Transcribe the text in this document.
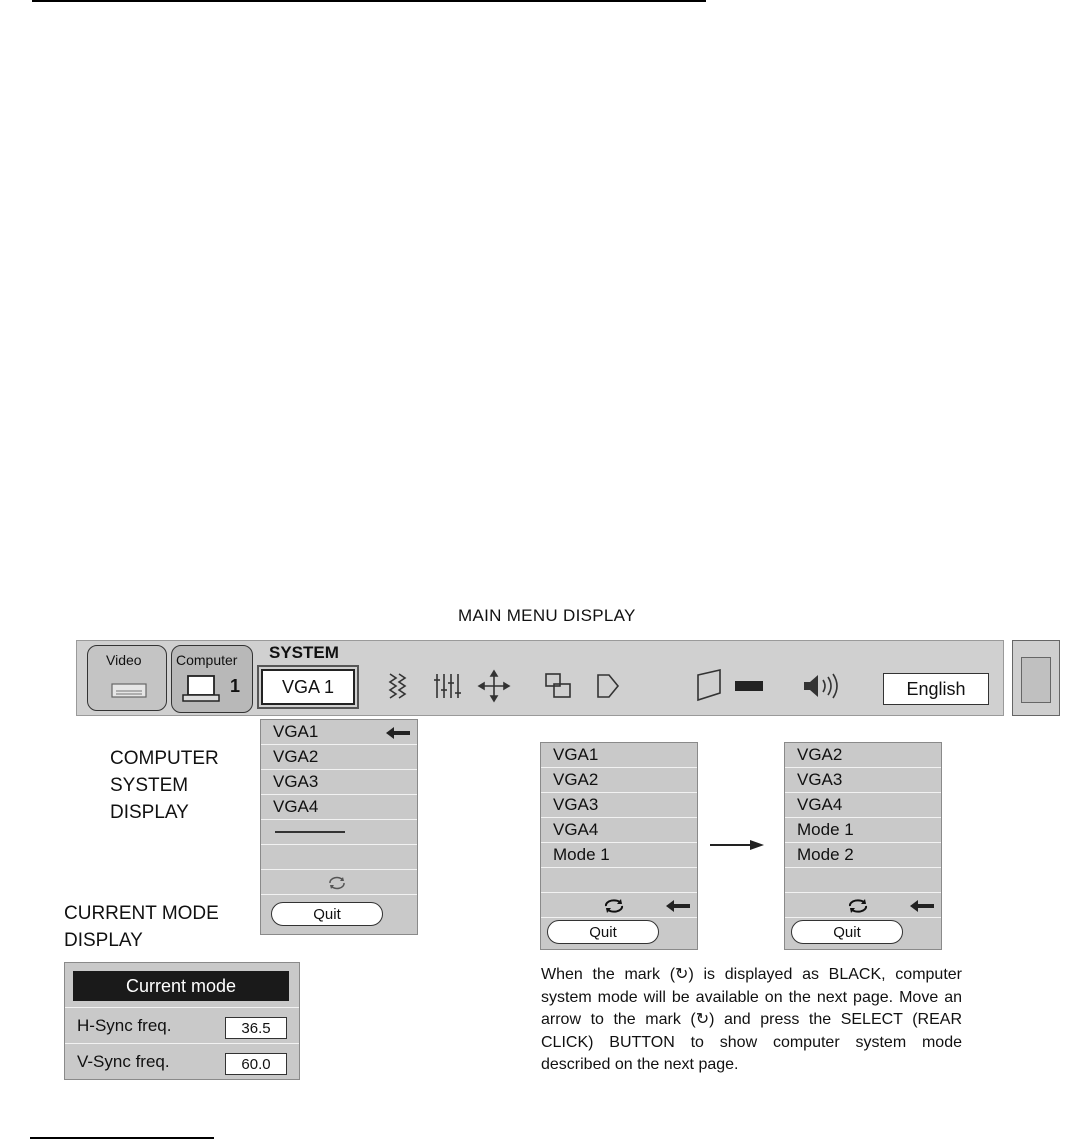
MAIN MENU DISPLAY
Video Computer
1
SYSTEM
VGA 1	English
COMPUTER
SYSTEM
DISPLAY
CURRENT MODE
DISPLAY
VGA1
VGA2
VGA3
VGA4
Quit
VGA1
VGA2
VGA3
VGA4
Mode 1
Quit
VGA2
VGA3
VGA4
Mode 1
Mode 2
Quit
Current mode
H-Sync freq.	36.5
V-Sync freq.	60.0
When the mark (↻) is displayed as BLACK, computer system mode will be available on the next page. Move an arrow to the mark (↻) and press the SELECT (REAR CLICK) BUTTON to show computer system mode described on the next page.
